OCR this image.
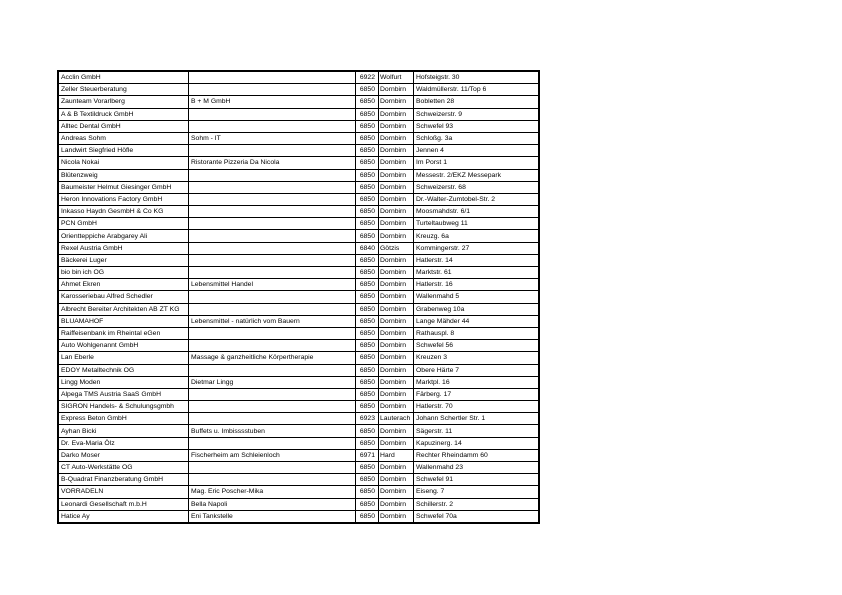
Acclin GmbH		6922	Wolfurt	Hofsteigstr. 30
Zeller Steuerberatung		6850	Dornbirn	Waldmüllerstr. 11/Top 6
Zaunteam Vorarlberg	B + M GmbH	6850	Dornbirn	Bobletten 28
A & B Textildruck GmbH		6850	Dornbirn	Schweizerstr. 9
Alltec Dental GmbH		6850	Dornbirn	Schwefel 93
Andreas Sohm	Sohm - IT	6850	Dornbirn	Schloßg. 3a
Landwirt Siegfried Höfle		6850	Dornbirn	Jennen 4
Nicola Nokai	Ristorante Pizzeria Da Nicola	6850	Dornbirn	Im Porst 1
Blütenzweig		6850	Dornbirn	Messestr. 2/EKZ Messepark
Baumeister Helmut Giesinger GmbH		6850	Dornbirn	Schweizerstr. 68
Heron Innovations Factory GmbH		6850	Dornbirn	Dr.-Walter-Zumtobel-Str. 2
Inkasso Haydn GesmbH & Co KG		6850	Dornbirn	Moosmahdstr. 6/1
PCN GmbH		6850	Dornbirn	Turteltaubweg 11
Orientteppiche Arabgarey Ali		6850	Dornbirn	Kreuzg. 6a
Rexel Austria GmbH		6840	Götzis	Kommingerstr. 27
Bäckerei Luger		6850	Dornbirn	Hatlerstr. 14
bio bin ich OG		6850	Dornbirn	Marktstr. 61
Ahmet Ekren	Lebensmittel Handel	6850	Dornbirn	Hatlerstr. 16
Karosseriebau Alfred Schedler		6850	Dornbirn	Wallenmahd 5
Albrecht Bereiter Architekten AB ZT KG		6850	Dornbirn	Grabenweg 10a
BLUAMAHOF	Lebensmittel - natürlich vom Bauern	6850	Dornbirn	Lange Mähder 44
Raiffeisenbank im Rheintal eGen		6850	Dornbirn	Rathauspl. 8
Auto Wohlgenannt GmbH		6850	Dornbirn	Schwefel 56
Lan Eberle	Massage & ganzheitliche Körpertherapie	6850	Dornbirn	Kreuzen 3
EDOY Metalltechnik OG		6850	Dornbirn	Obere Härte 7
Lingg Moden	Dietmar Lingg	6850	Dornbirn	Marktpl. 16
Alpega TMS Austria SaaS GmbH		6850	Dornbirn	Färberg. 17
SIGRON Handels- & Schulungsgmbh		6850	Dornbirn	Hatlerstr. 70
Express Beton GmbH		6923	Lauterach	Johann Schertler Str. 1
Ayhan Bicki	Buffets u. Imbisssstuben	6850	Dornbirn	Sägerstr. 11
Dr. Eva-Maria Ölz		6850	Dornbirn	Kapuzinerg. 14
Darko Moser	Fischerheim am Schleienloch	6971	Hard	Rechter Rheindamm 60
CT Auto-Werkstätte OG		6850	Dornbirn	Wallenmahd 23
B-Quadrat Finanzberatung GmbH		6850	Dornbirn	Schwefel 91
VORRADELN	Mag. Eric Poscher-Mika	6850	Dornbirn	Eiseng. 7
Leonardi Gesellschaft m.b.H	Bella Napoli	6850	Dornbirn	Schillerstr. 2
Hatice Ay	Eni Tankstelle	6850	Dornbirn	Schwefel 70a
